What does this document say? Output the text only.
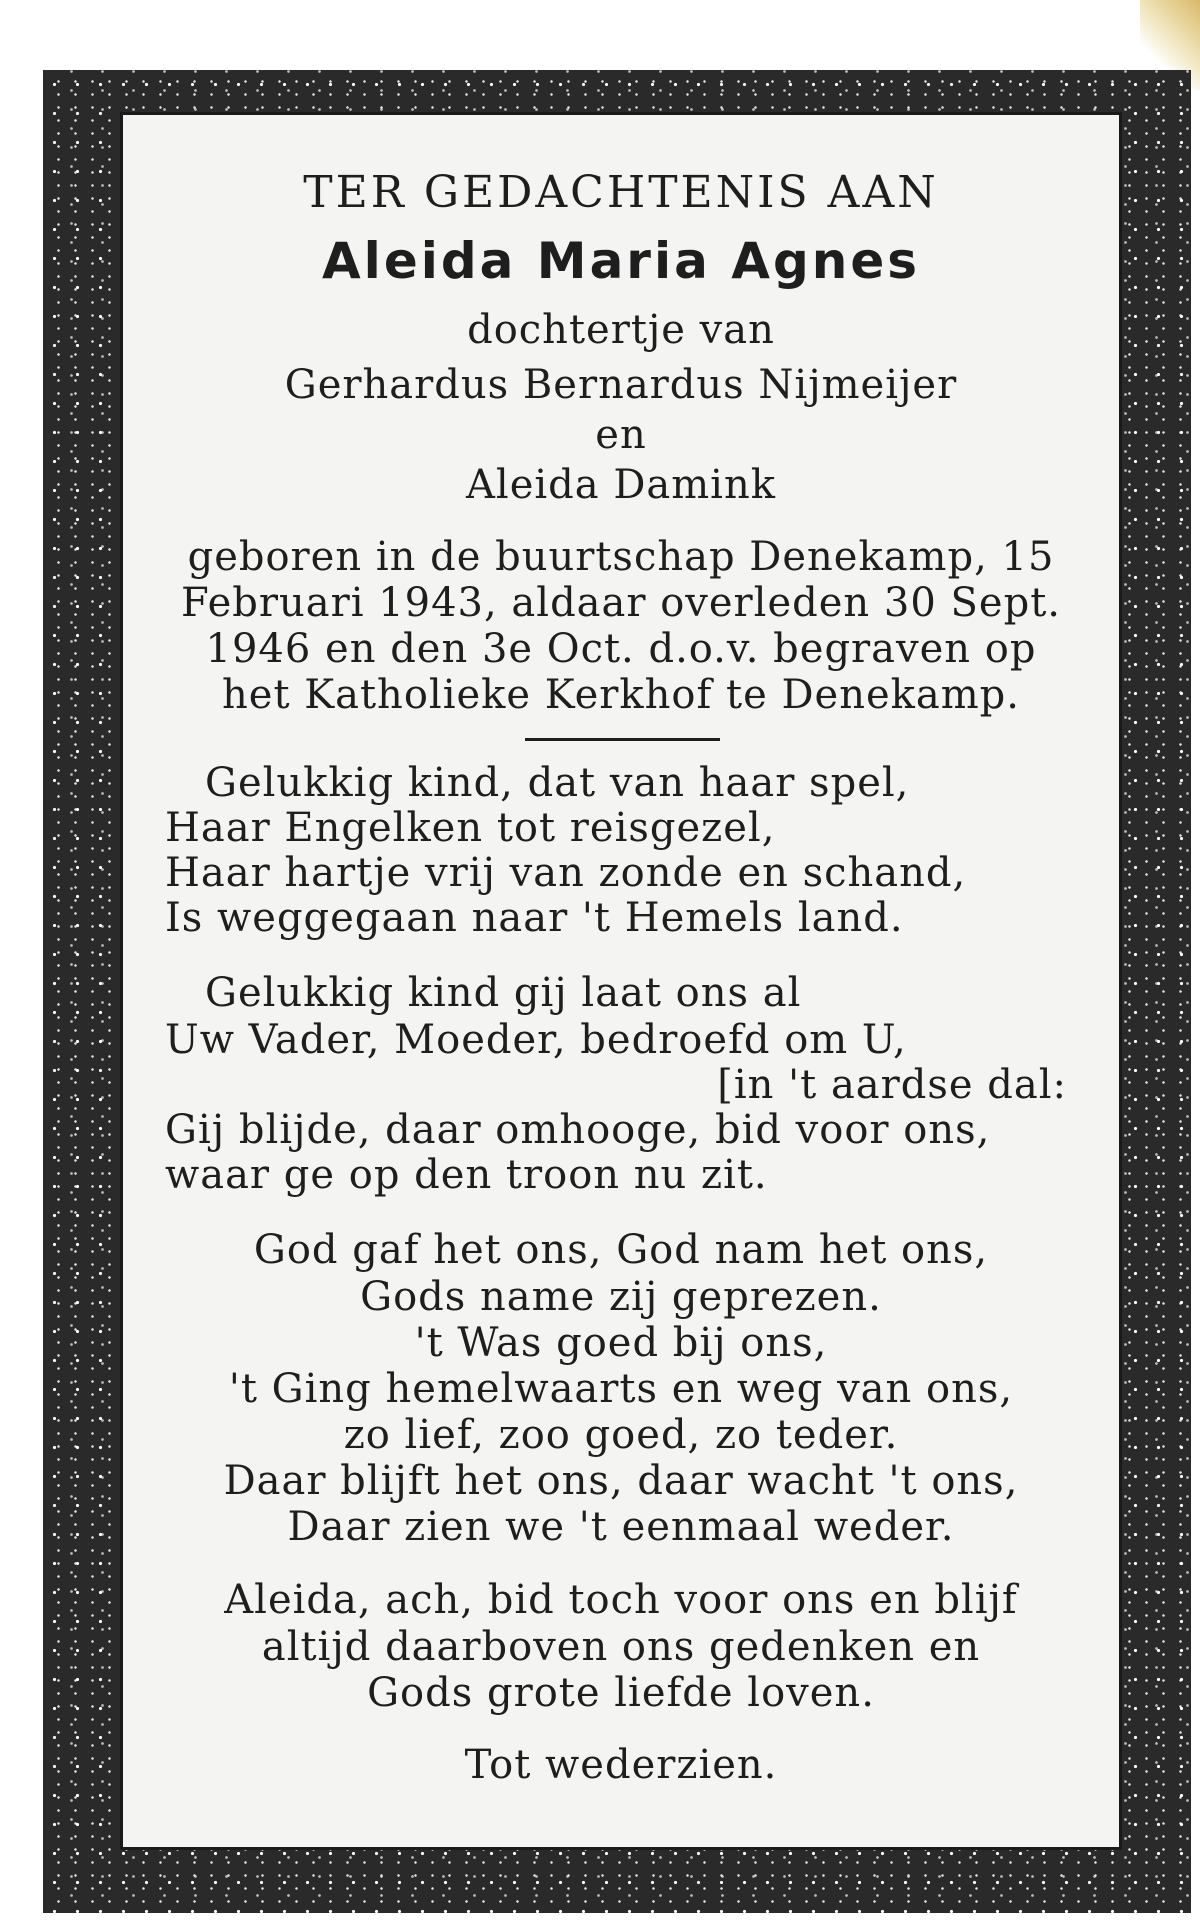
TER GEDACHTENIS AAN
Aleida Maria Agnes
dochtertje van
Gerhardus Bernardus Nijmeijer
en
Aleida Damink
geboren in de buurtschap Denekamp, 15
Februari 1943, aldaar overleden 30 Sept.
1946 en den 3e Oct. d.o.v. begraven op
het Katholieke Kerkhof te Denekamp.
Gelukkig kind, dat van haar spel,
Haar Engelken tot reisgezel,
Haar hartje vrij van zonde en schand,
Is weggegaan naar 't Hemels land.
Gelukkig kind gij laat ons al
Uw Vader, Moeder, bedroefd om U,
[in 't aardse dal:
Gij blijde, daar omhooge, bid voor ons,
waar ge op den troon nu zit.
God gaf het ons, God nam het ons,
Gods name zij geprezen.
't Was goed bij ons,
't Ging hemelwaarts en weg van ons,
zo lief, zoo goed, zo teder.
Daar blijft het ons, daar wacht 't ons,
Daar zien we 't eenmaal weder.
Aleida, ach, bid toch voor ons en blijf
altijd daarboven ons gedenken en
Gods grote liefde loven.
Tot wederzien.
